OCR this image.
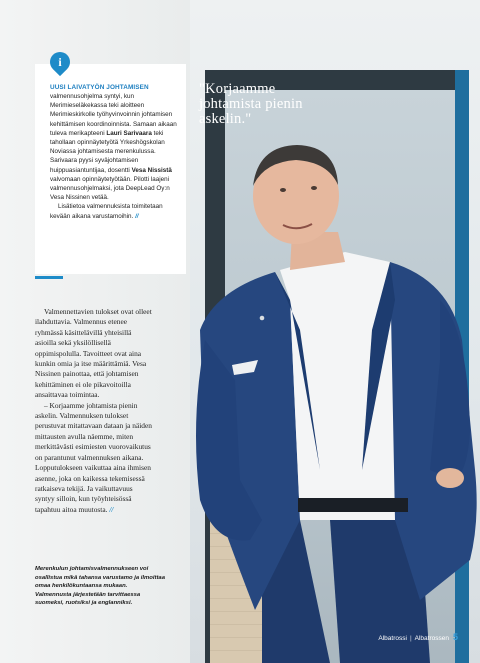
"Korjaamme johtamista pienin askelin."

UUSI LAIVATYÖN JOHTAMISEN

valmennusohjelma syntyi, kun Merimieseläkekassa teki aloitteen Merimieskirkolle työhyvinvoinnin johtamisen kehittämisen koordinoinnista. Samaan aikaan tuleva merikapteeni Lauri Sarivaara teki tahollaan opinnäytetyötä Yrkeshögskolan Noviassa johtamisesta merenkulussa. Sarivaara pyysi syväjohtamisen huippuasiantuntijaa, dosentti Vesa Nissistä valvomaan opinnäytetyötään. Pilotti laajeni valmennusohjelmaksi, jota DeepLead Oy:n Vesa Nissinen vetää.

Lisätietoa valmennuksista toimitetaan kevään aikana varustamoihin. //

i

Valmennettavien tulokset ovat olleet ilahduttavia. Valmennus etenee ryhmässä käsittelävillä yhteisillä asioilla sekä yksilöllisellä oppimispolulla. Tavoitteet ovat aina kunkin omia ja itse määrittämiä. Vesa Nissinen painottaa, että johtamisen kehittäminen ei ole pikavoitoilla ansaittavaa toimintaa.

– Korjaamme johtamista pienin askelin. Valmennuksen tulokset perustuvat mitattavaan dataan ja näiden mittausten avulla näemme, miten merkittävästi esimiesten vuorovaikutus on parantunut valmennuksen aikana. Lopputulokseen vaikuttaa aina ihmisen asenne, joka on kaikessa tekemisessä ratkaiseva tekijä. Ja vaikuttavuus syntyy silloin, kun työyhteisössä tapahtuu aitoa muutosta. //

Merenkulun johtamisvalmennukseen voi osallistua mikä tahansa varustamo ja ilmoittaa omaa henkilökuntaansa mukaan. Valmennusta järjestetään tarvittaessa suomeksi, ruotsiksi ja englanniksi.
Albatrossi | Albatrossen 5
